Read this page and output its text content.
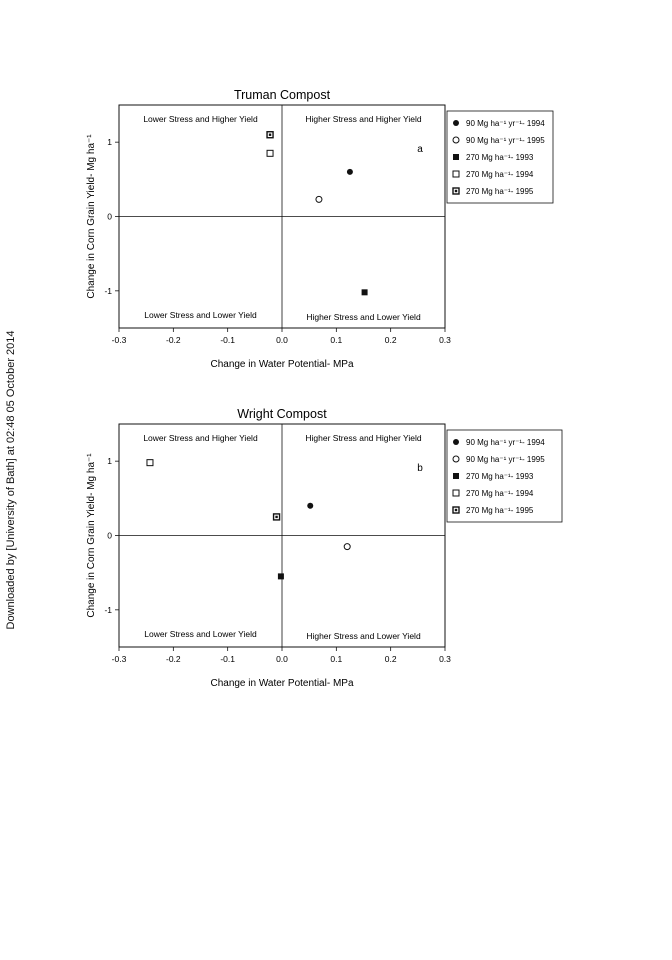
Truman Compost
-0.3	-0.2	-0.1	0.0	0.1	0.2	0.3
1
0
-1
Change in Water Potential- MPa
Change in Corn Grain Yield- Mg ha⁻¹
Lower Stress and Higher Yield	Higher Stress and Higher Yield
Lower Stress and Lower Yield	Higher Stress and Lower Yield
a
90 Mg ha⁻¹ yr⁻¹- 1994
90 Mg ha⁻¹ yr⁻¹- 1995
270 Mg ha⁻¹- 1993
270 Mg ha⁻¹- 1994
270 Mg ha⁻¹- 1995
Wright Compost
-0.3	-0.2	-0.1	0.0	0.1	0.2	0.3
1
0
-1
Change in Water Potential- MPa
Change in Corn Grain Yield- Mg ha⁻¹
Lower Stress and Higher Yield	Higher Stress and Higher Yield
Lower Stress and Lower Yield	Higher Stress and Lower Yield
b
90 Mg ha⁻¹ yr⁻¹- 1994
90 Mg ha⁻¹ yr⁻¹- 1995
270 Mg ha⁻¹- 1993
270 Mg ha⁻¹- 1994
270 Mg ha⁻¹- 1995
Downloaded by [University of Bath] at 02:48 05 October 2014
